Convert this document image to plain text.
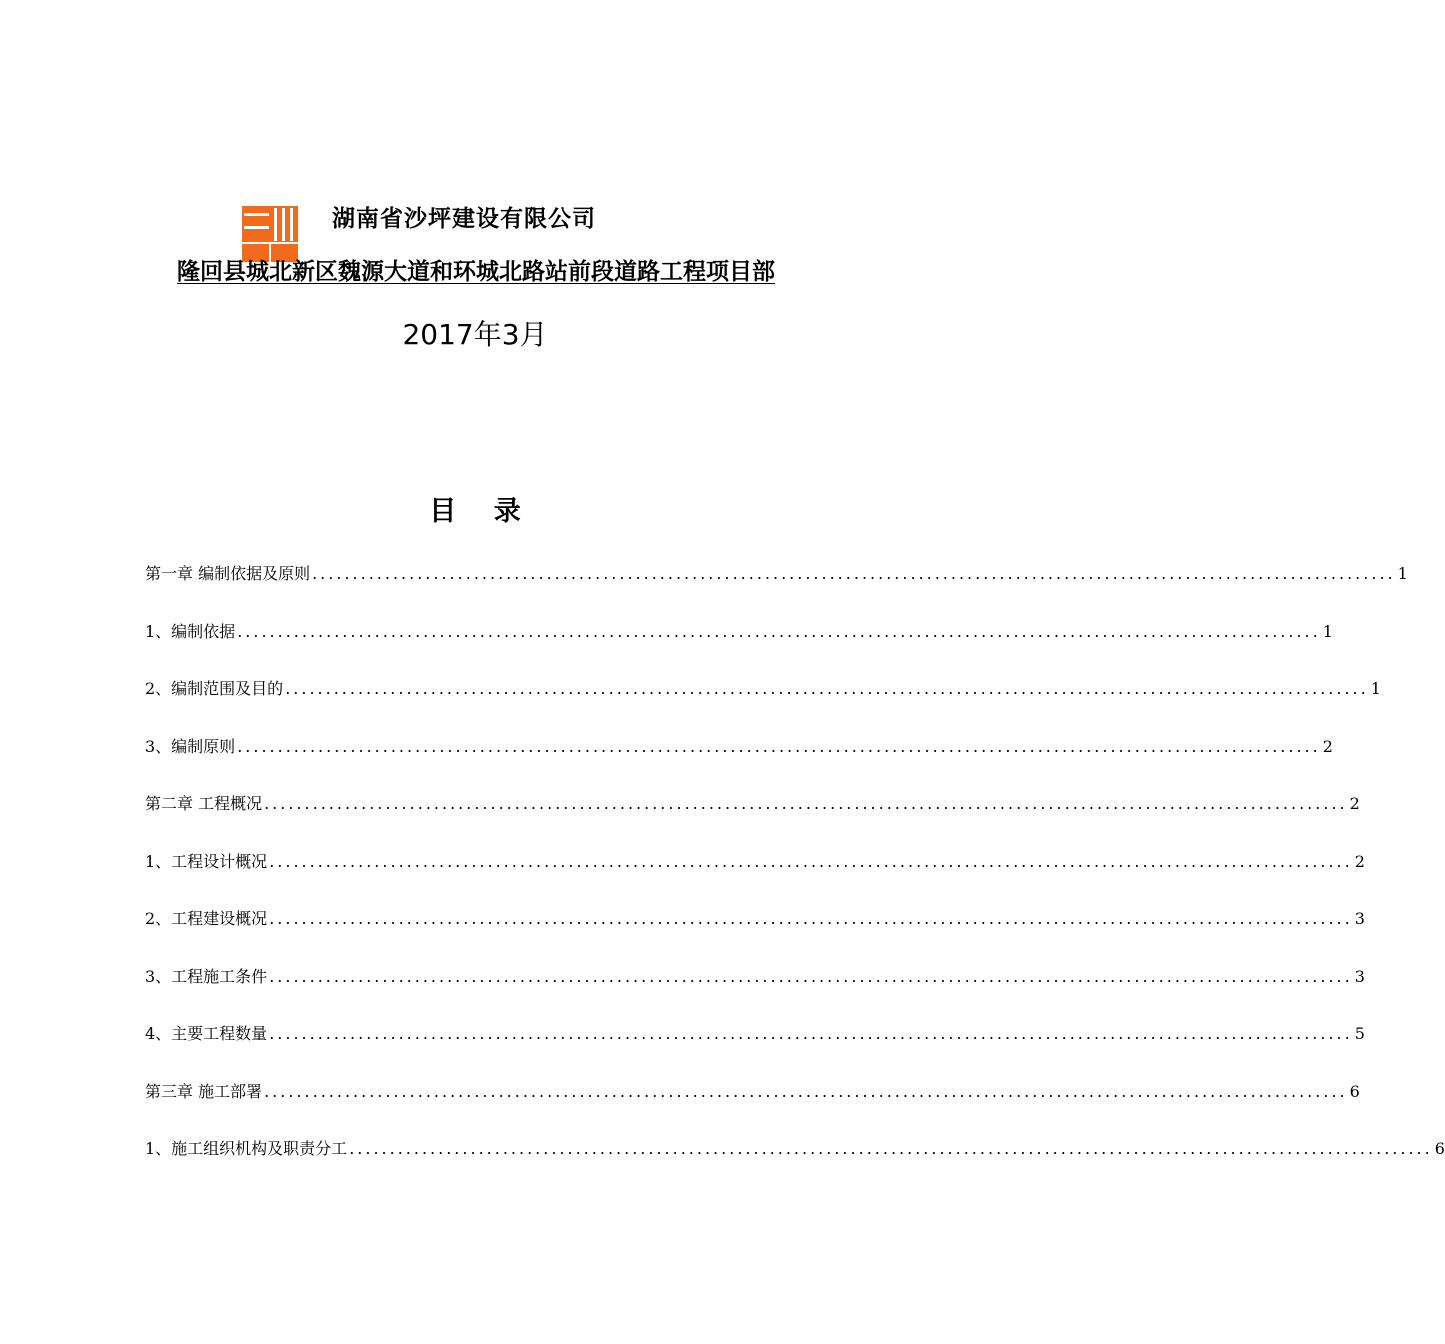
湖南省沙坪建设有限公司
隆回县城北新区魏源大道和环城北路站前段道路工程项目部
2017年3月
目 录
第一章 编制依据及原则 ...................................................................................................................................... 1
1、编制依据 ...................................................................................................................................... 1
2、编制范围及目的 ...................................................................................................................................... 1
3、编制原则 ...................................................................................................................................... 2
第二章 工程概况 ...................................................................................................................................... 2
1、工程设计概况 ...................................................................................................................................... 2
2、工程建设概况 ...................................................................................................................................... 3
3、工程施工条件 ...................................................................................................................................... 3
4、主要工程数量 ...................................................................................................................................... 5
第三章 施工部署 ...................................................................................................................................... 6
1、施工组织机构及职责分工 ...................................................................................................................................... 6
